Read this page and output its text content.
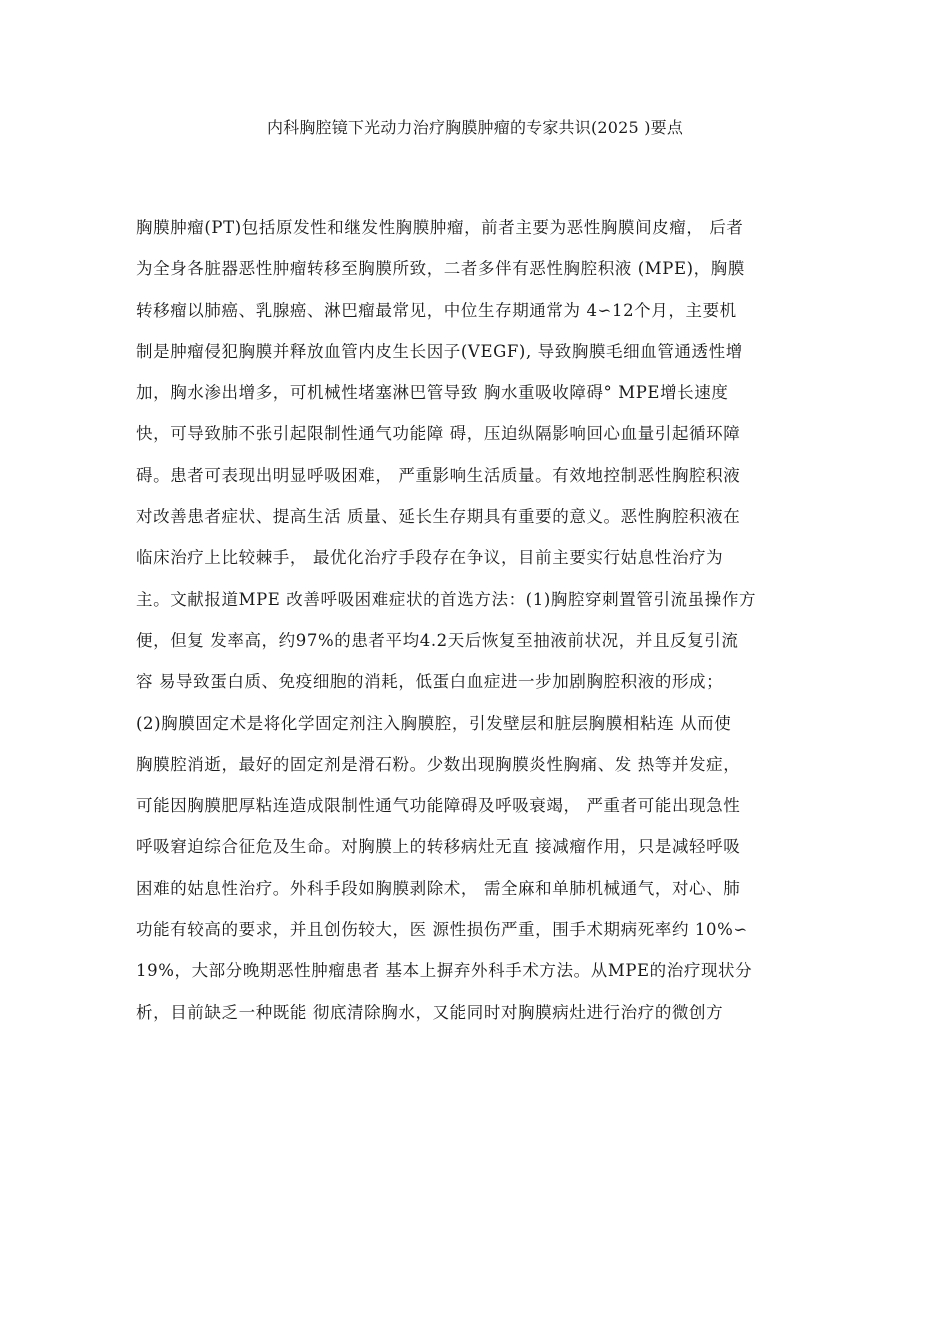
内科胸腔镜下光动力治疗胸膜肿瘤的专家共识(2025 )要点
胸膜肿瘤(PT)包括原发性和继发性胸膜肿瘤，前者主要为恶性胸膜间皮瘤， 后者
为全身各脏器恶性肿瘤转移至胸膜所致，二者多伴有恶性胸腔积液 (MPE)，胸膜
转移瘤以肺癌、乳腺癌、淋巴瘤最常见，中位生存期通常为 4∽12个月，主要机
制是肿瘤侵犯胸膜并释放血管内皮生长因子(VEGF), 导致胸膜毛细血管通透性增
加，胸水渗出增多，可机械性堵塞淋巴管导致 胸水重吸收障碍° MPE增长速度
快，可导致肺不张引起限制性通气功能障 碍，压迫纵隔影响回心血量引起循环障
碍。患者可表现出明显呼吸困难， 严重影响生活质量。有效地控制恶性胸腔积液
对改善患者症状、提高生活 质量、延长生存期具有重要的意义。恶性胸腔积液在
临床治疗上比较棘手， 最优化治疗手段存在争议，目前主要实行姑息性治疗为
主。文献报道MPE 改善呼吸困难症状的首选方法：(1)胸腔穿刺置管引流虽操作方
便，但复 发率高，约97%的患者平均4.2天后恢复至抽液前状况，并且反复引流
容 易导致蛋白质、免疫细胞的消耗，低蛋白血症进一步加剧胸腔积液的形成；
(2)胸膜固定术是将化学固定剂注入胸膜腔，引发壁层和脏层胸膜相粘连 从而使
胸膜腔消逝，最好的固定剂是滑石粉。少数出现胸膜炎性胸痛、发 热等并发症，
可能因胸膜肥厚粘连造成限制性通气功能障碍及呼吸衰竭， 严重者可能出现急性
呼吸窘迫综合征危及生命。对胸膜上的转移病灶无直 接减瘤作用，只是减轻呼吸
困难的姑息性治疗。外科手段如胸膜剥除术， 需全麻和单肺机械通气，对心、肺
功能有较高的要求，并且创伤较大，医 源性损伤严重，围手术期病死率约 10%∽
19%，大部分晚期恶性肿瘤患者 基本上摒弃外科手术方法。从MPE的治疗现状分
析，目前缺乏一种既能 彻底清除胸水，又能同时对胸膜病灶进行治疗的微创方
